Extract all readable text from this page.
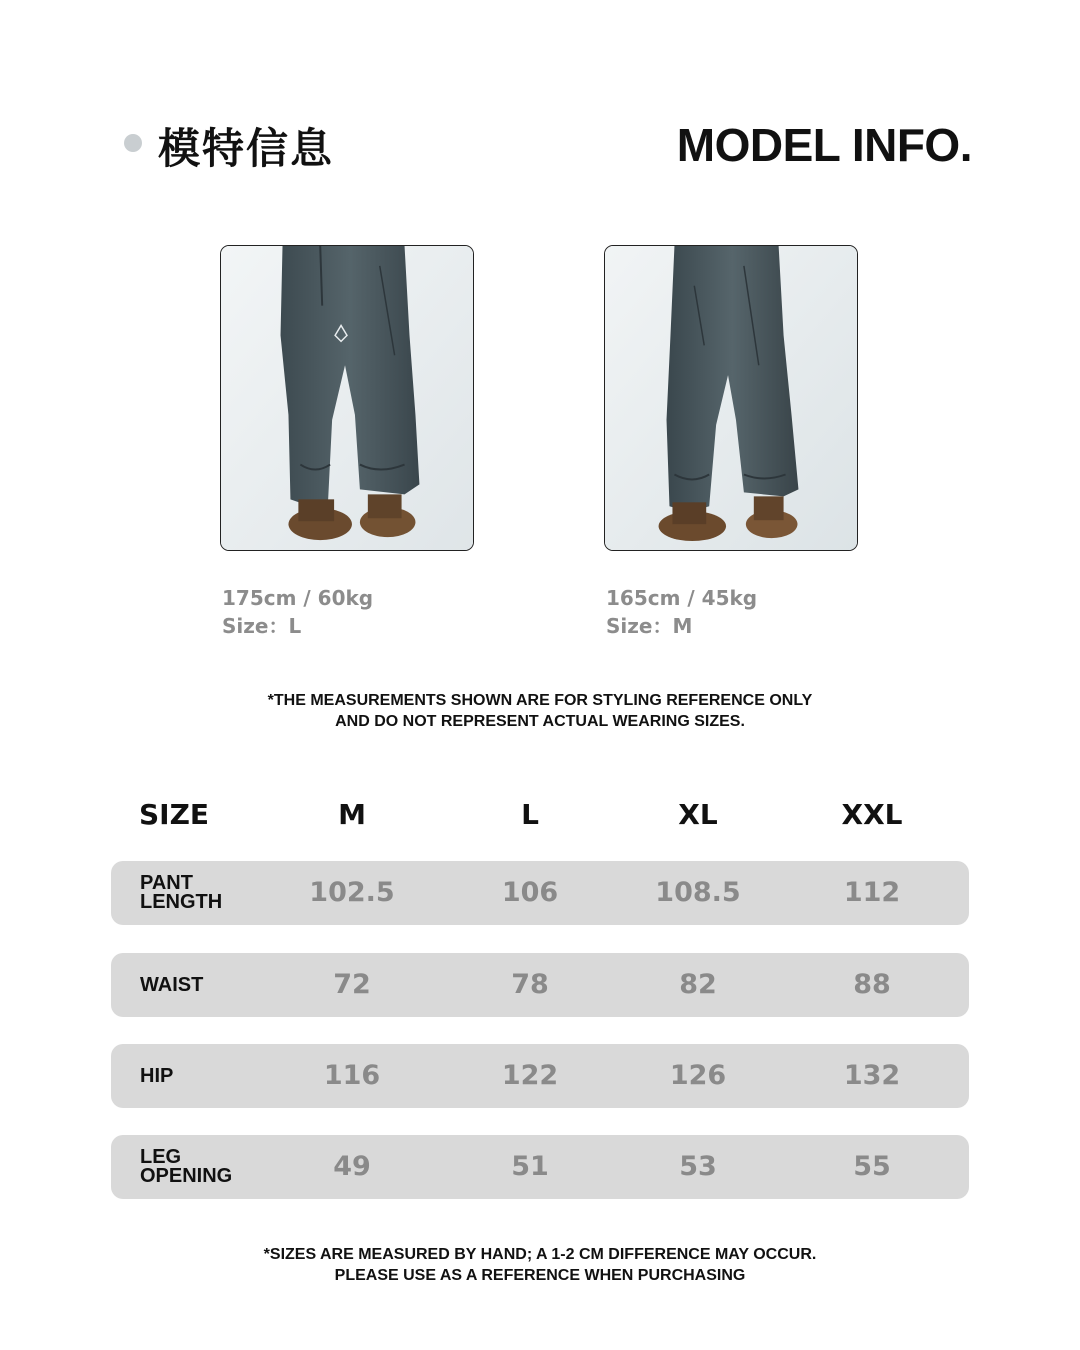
模特信息	MODEL INFO.
175cm / 60kg
Size：L
165cm / 45kg
Size：M
*THE MEASUREMENTS SHOWN ARE FOR STYLING REFERENCE ONLY
AND DO NOT REPRESENT ACTUAL WEARING SIZES.
SIZE	M	L	XL	XXL
PANT
LENGTH	102.5	106	108.5	112
WAIST	72	78	82	88
HIP	116	122	126	132
LEG
OPENING	49	51	53	55
*SIZES ARE MEASURED BY HAND; A 1-2 CM DIFFERENCE MAY OCCUR.
PLEASE USE AS A REFERENCE WHEN PURCHASING
